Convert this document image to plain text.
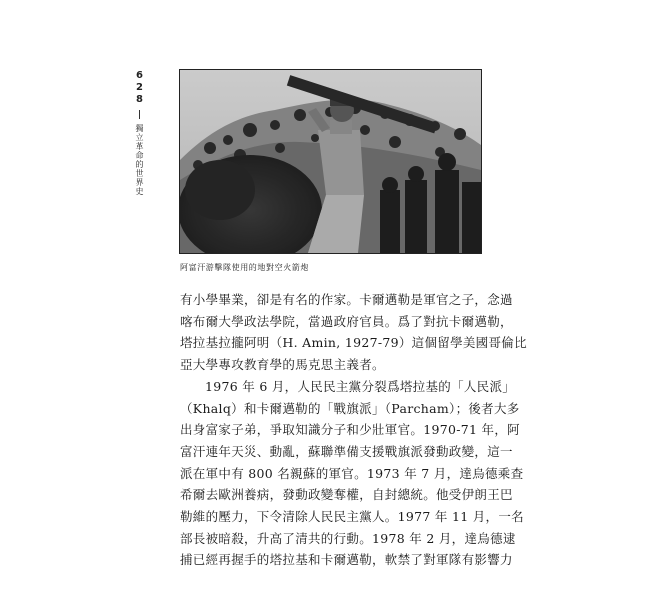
628
獨立革命的世界史
阿富汗游擊隊使用的地對空火箭炮

有小學畢業，卻是有名的作家。卡爾邁勒是軍官之子，念過

喀布爾大學政法學院，當過政府官員。爲了對抗卡爾邁勒，

塔拉基拉攏阿明（H. Amin, 1927-79）這個留學美國哥倫比

亞大學專攻教育學的馬克思主義者。

1976 年 6 月，人民民主黨分裂爲塔拉基的「人民派」

（Khalq）和卡爾邁勒的「戰旗派」（Parcham）；後者大多

出身富家子弟，爭取知識分子和少壯軍官。1970-71 年，阿

富汗連年天災、動亂，蘇聯準備支援戰旗派發動政變，這一

派在軍中有 800 名親蘇的軍官。1973 年 7 月，達烏德乘查

希爾去歐洲養病，發動政變奪權，自封總統。他受伊朗王巴

勒維的壓力，下令清除人民民主黨人。1977 年 11 月，一名

部長被暗殺，升高了清共的行動。1978 年 2 月，達烏德逮

捕已經再握手的塔拉基和卡爾邁勒，軟禁了對軍隊有影響力
